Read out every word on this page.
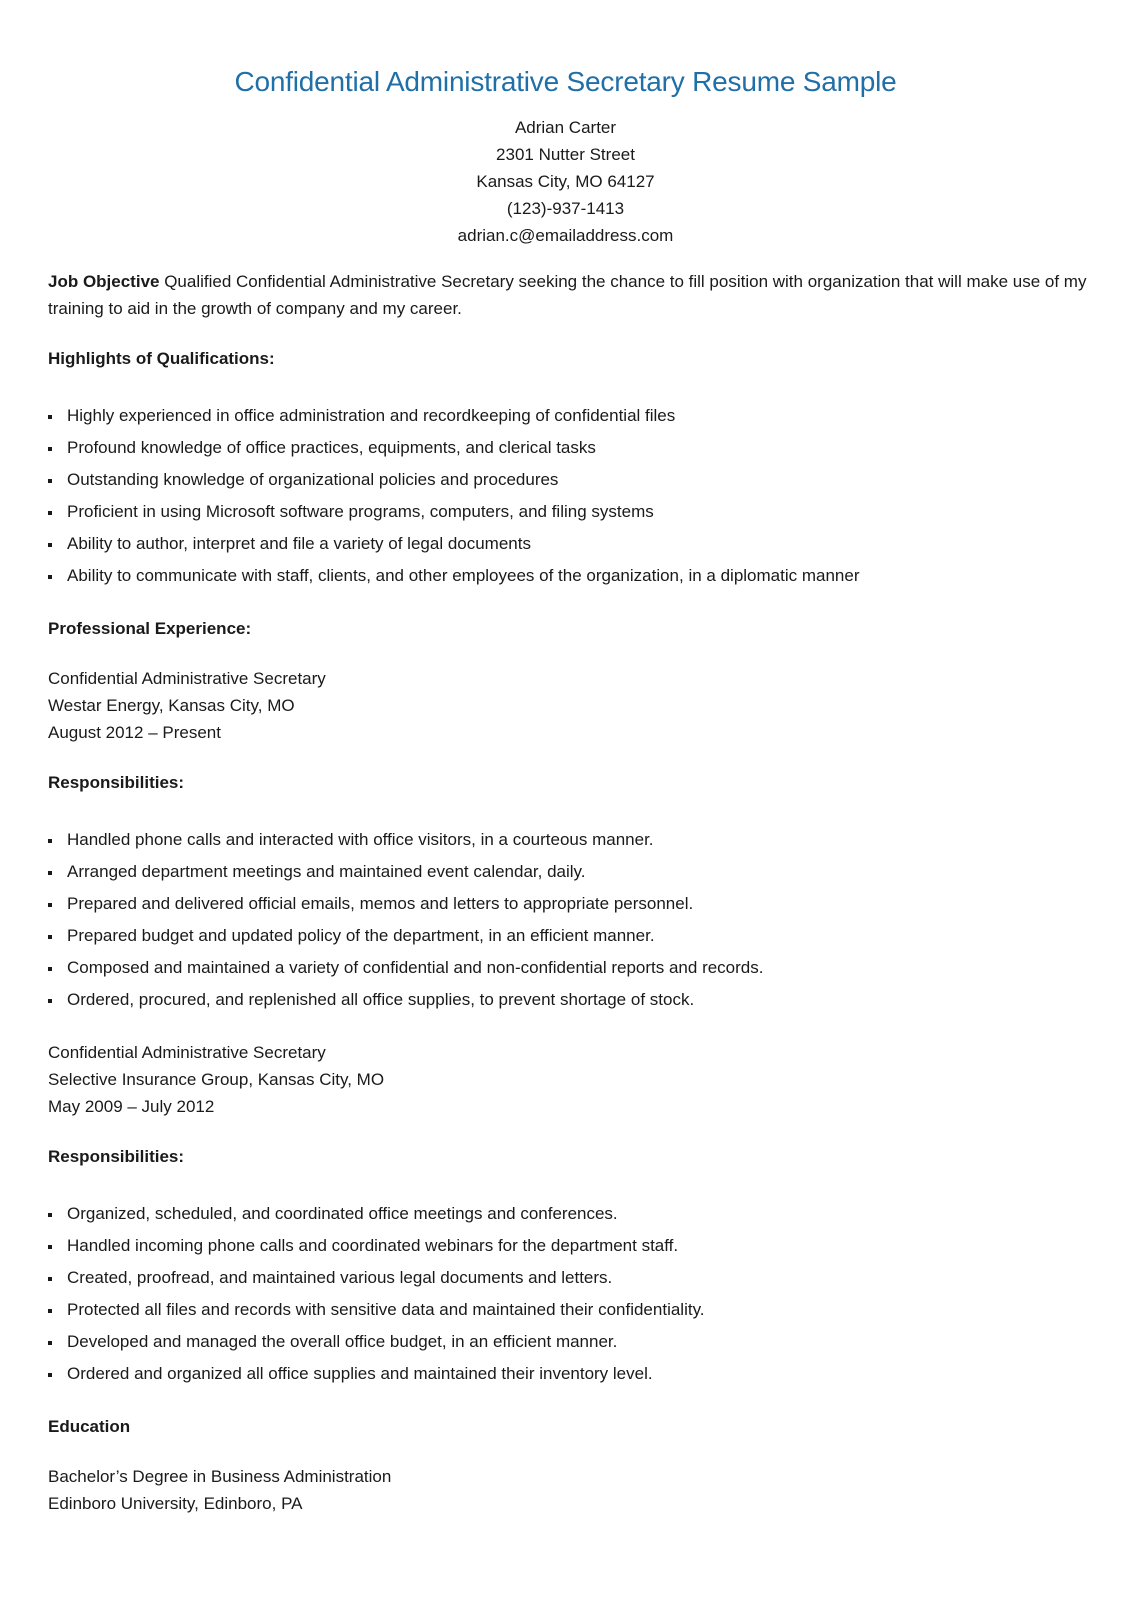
Confidential Administrative Secretary Resume Sample
Adrian Carter
2301 Nutter Street
Kansas City, MO 64127
(123)-937-1413
adrian.c@emailaddress.com

Job Objective Qualified Confidential Administrative Secretary seeking the chance to fill position with organization that will make use of my training to aid in the growth of company and my career.

Highlights of Qualifications:
Highly experienced in office administration and recordkeeping of confidential files
Profound knowledge of office practices, equipments, and clerical tasks
Outstanding knowledge of organizational policies and procedures
Proficient in using Microsoft software programs, computers, and filing systems
Ability to author, interpret and file a variety of legal documents
Ability to communicate with staff, clients, and other employees of the organization, in a diplomatic manner
Professional Experience:
Confidential Administrative Secretary
Westar Energy, Kansas City, MO
August 2012 – Present
Responsibilities:
Handled phone calls and interacted with office visitors, in a courteous manner.
Arranged department meetings and maintained event calendar, daily.
Prepared and delivered official emails, memos and letters to appropriate personnel.
Prepared budget and updated policy of the department, in an efficient manner.
Composed and maintained a variety of confidential and non-confidential reports and records.
Ordered, procured, and replenished all office supplies, to prevent shortage of stock.
Confidential Administrative Secretary
Selective Insurance Group, Kansas City, MO
May 2009 – July 2012
Responsibilities:
Organized, scheduled, and coordinated office meetings and conferences.
Handled incoming phone calls and coordinated webinars for the department staff.
Created, proofread, and maintained various legal documents and letters.
Protected all files and records with sensitive data and maintained their confidentiality.
Developed and managed the overall office budget, in an efficient manner.
Ordered and organized all office supplies and maintained their inventory level.
Education
Bachelor’s Degree in Business Administration
Edinboro University, Edinboro, PA
